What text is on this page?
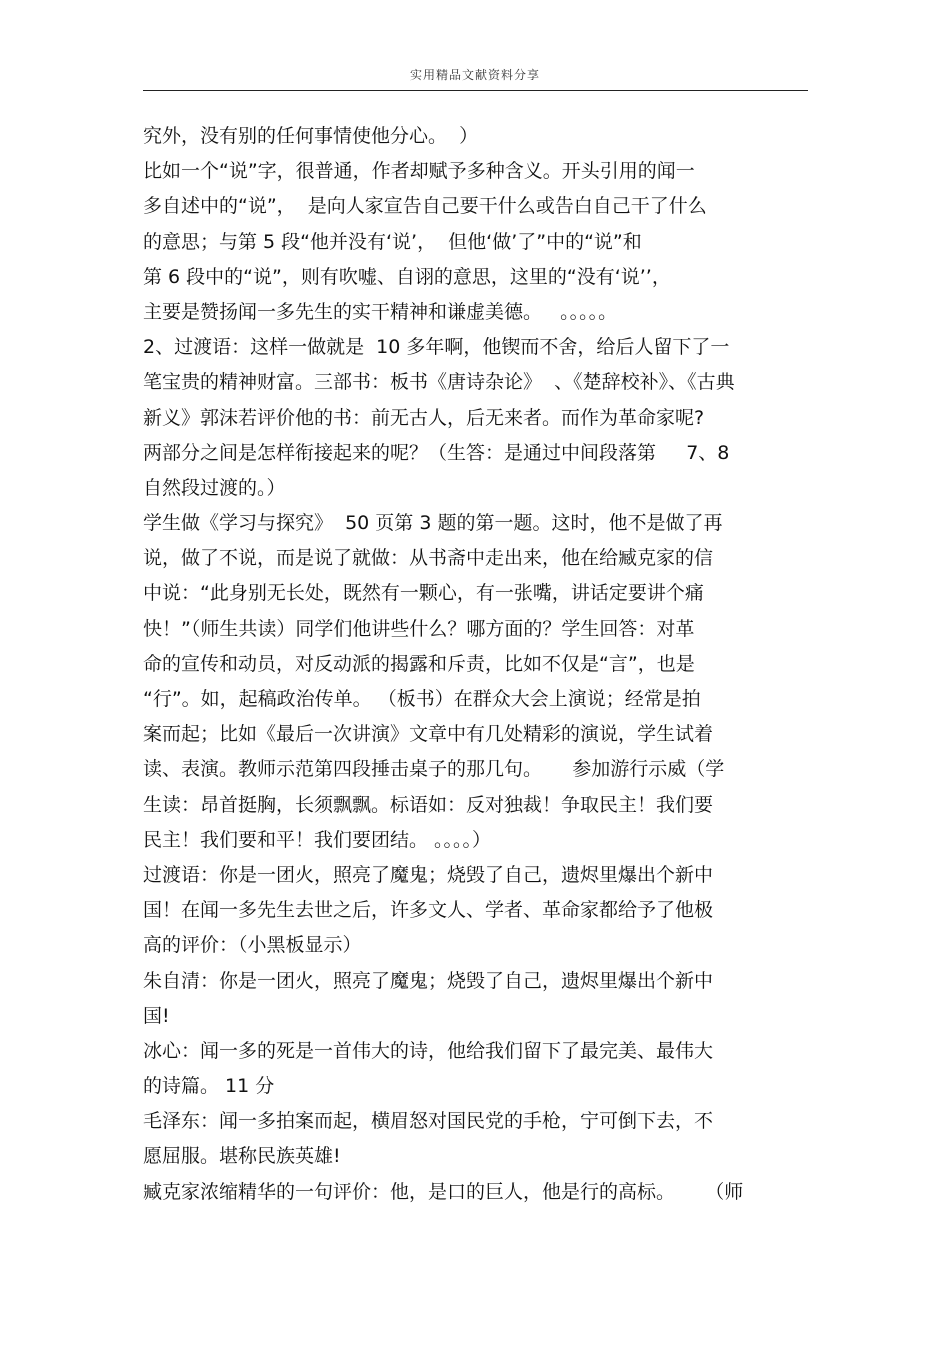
实用精品文献资料分享
究外，没有别的任何事情使他分心。  ）
比如一个“说”字，很普通，作者却赋予多种含义。开头引用的闻一
多自述中的“说”，  是向人家宣告自己要干什么或告白自己干了什么
的意思；与第 5 段“他并没有‘说’，  但他‘做’了”中的“说”和
第 6 段中的“说”，则有吹嘘、自诩的意思，这里的“没有‘说’’，
主要是赞扬闻一多先生的实干精神和谦虚美德。   。。。。。
2、过渡语：这样一做就是  10 多年啊，他锲而不舍，给后人留下了一
笔宝贵的精神财富。三部书：板书《唐诗杂论》  、《楚辞校补》、《古典
新义》郭沫若评价他的书：前无古人，后无来者。而作为革命家呢?
两部分之间是怎样衔接起来的呢？（生答：是通过中间段落第     7、8
自然段过渡的。）
学生做《学习与探究》  50 页第 3 题的第一题。这时，他不是做了再
说，做了不说，而是说了就做：从书斋中走出来，他在给臧克家的信
中说：“此身别无长处，既然有一颗心，有一张嘴，讲话定要讲个痛
快！”（师生共读）同学们他讲些什么？哪方面的？学生回答：对革
命的宣传和动员，对反动派的揭露和斥责，比如不仅是“言”，也是
“行”。如，起稿政治传单。 （板书）在群众大会上演说；经常是拍
案而起；比如《最后一次讲演》文章中有几处精彩的演说，学生试着
读、表演。教师示范第四段捶击桌子的那几句。     参加游行示威（学
生读：昂首挺胸，长须飘飘。标语如：反对独裁！争取民主！我们要
民主！我们要和平！我们要团结。 。。。。）
过渡语：你是一团火，照亮了魔鬼；烧毁了自己，遗烬里爆出个新中
国！在闻一多先生去世之后，许多文人、学者、革命家都给予了他极
高的评价：（小黑板显示）
朱自清：你是一团火，照亮了魔鬼；烧毁了自己，遗烬里爆出个新中
国!
冰心：闻一多的死是一首伟大的诗，他给我们留下了最完美、最伟大
的诗篇。 11 分
毛泽东：闻一多拍案而起，横眉怒对国民党的手枪，宁可倒下去，不
愿屈服。堪称民族英雄!
臧克家浓缩精华的一句评价：他，是口的巨人，他是行的高标。     （师
